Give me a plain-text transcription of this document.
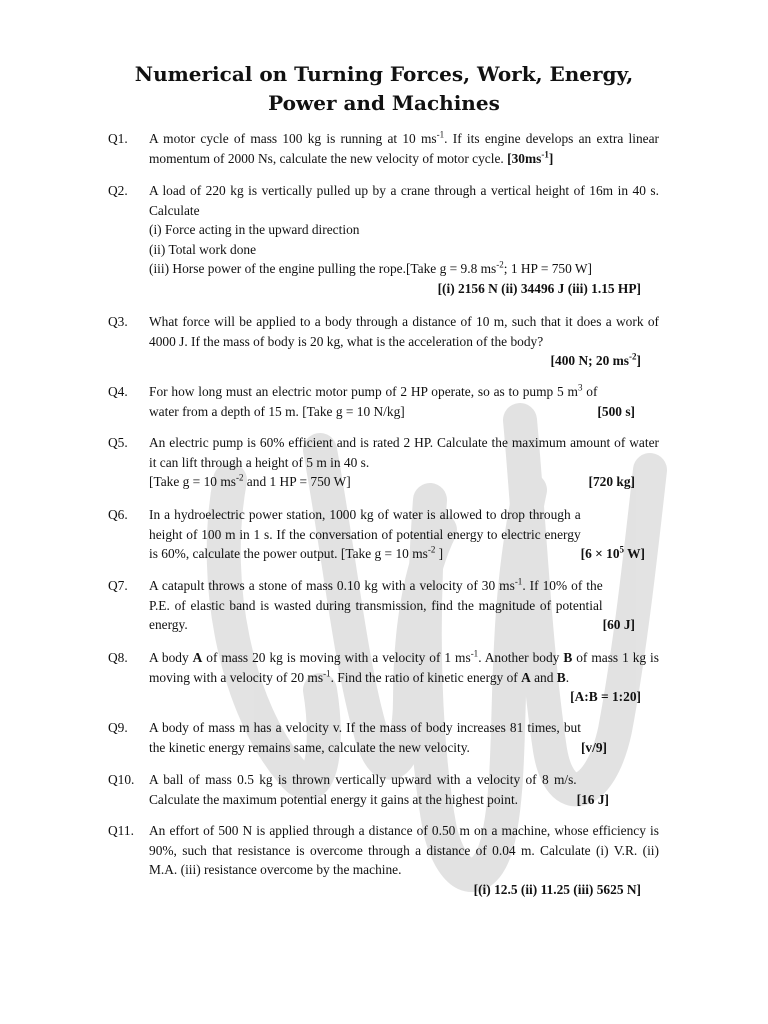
Numerical on Turning Forces, Work, Energy,
Power and Machines
Q1. A motor cycle of mass 100 kg is running at 10 $ms^{-1}$. If its engine develops an extra linear momentum of 2000 Ns, calculate the new velocity of motor cycle. $[30ms^{-1}]$
Q2. A load of 220 kg is vertically pulled up by a crane through a vertical height of 16m in 40 s. Calculate
(i) Force acting in the upward direction
(ii) Total work done
(iii) Horse power of the engine pulling the rope.[Take g = 9.8 $ms^{-2}$; 1 HP = 750 W]
[(i) 2156 N (ii) 34496 J (iii) 1.15 HP]
Q3. What force will be applied to a body through a distance of 10 m, such that it does a work of 4000 J. If the mass of body is 20 kg, what is the acceleration of the body?
[400 N; 20 $ms^{-2}$]
Q4.
[500 s]
For how long must an electric motor pump of 2 HP operate, so as to pump 5 $m^3$ of water from a depth of 15 m. [Take g = 10 N/kg]
Q5. An electric pump is 60% efficient and is rated 2 HP. Calculate the maximum amount of water it can lift through a height of 5 m in 40 s.
[720 kg]
[Take g = 10 $ms^{-2}$ and 1 HP = 750 W]
Q6.
[$6 \times 10^5$ W]
In a hydroelectric power station, 1000 kg of water is allowed to drop through a height of 100 m in 1 s. If the conversation of potential energy to electric energy is 60%, calculate the power output. [Take g = 10 $ms^{-2}$ ]
Q7.
[60 J]
A catapult throws a stone of mass 0.10 kg with a velocity of 30 $ms^{-1}$. If 10% of the P.E. of elastic band is wasted during transmission, find the magnitude of potential energy.
Q8. A body A of mass 20 kg is moving with a velocity of 1 $ms^{-1}$. Another body B of mass 1 kg is moving with a velocity of 20 $ms^{-1}$. Find the ratio of kinetic energy of A and B.
[A:B = 1:20]
Q9.
[v/9]
A body of mass m has a velocity v. If the mass of body increases 81 times, but the kinetic energy remains same, calculate the new velocity.
Q10.
[16 J]
A ball of mass 0.5 kg is thrown vertically upward with a velocity of 8 m/s. Calculate the maximum potential energy it gains at the highest point.
Q11. An effort of 500 N is applied through a distance of 0.50 m on a machine, whose efficiency is 90%, such that resistance is overcome through a distance of 0.04 m. Calculate (i) V.R. (ii) M.A. (iii) resistance overcome by the machine.
[(i) 12.5 (ii) 11.25 (iii) 5625 N]
